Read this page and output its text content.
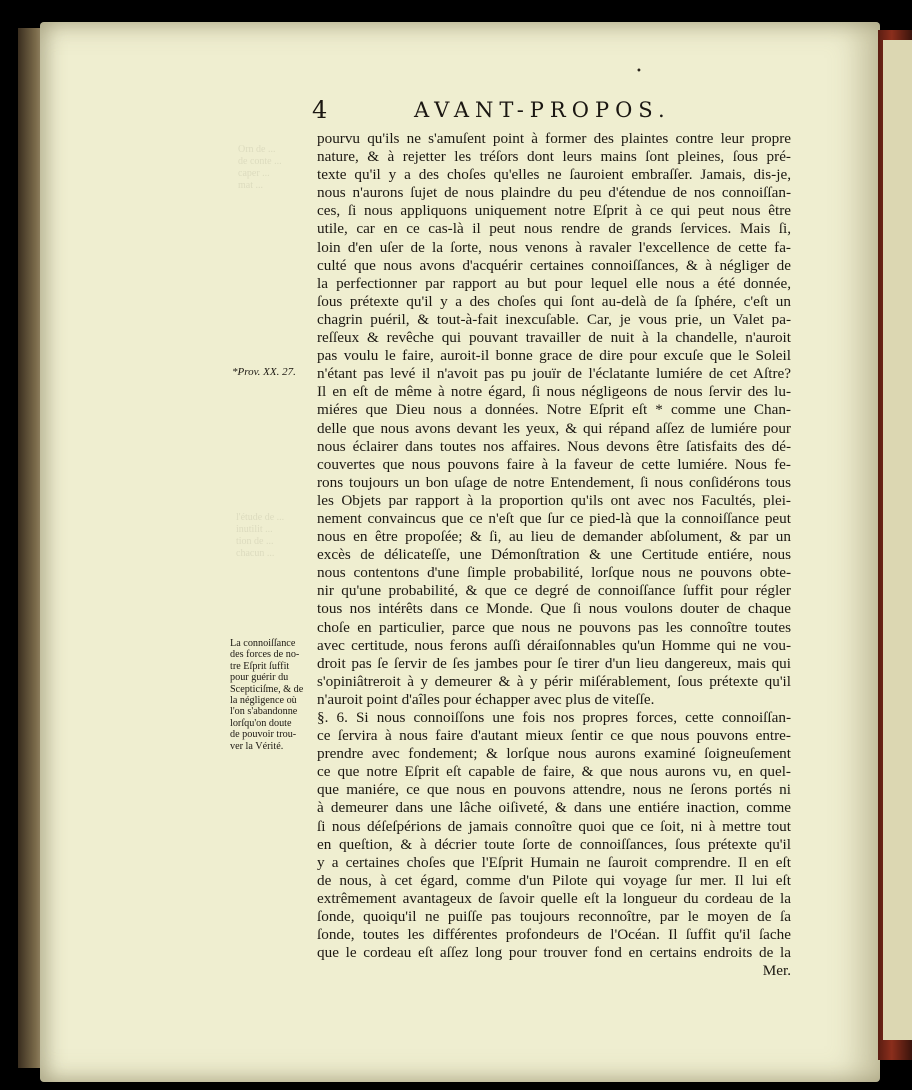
Orn de ...
de conte ...
caper ...
mat ...
l'étude de ...
inutilit ...
tion de ...
chacun ...
•
4	AVANT-PROPOS.
*Prov. XX. 27.
La connoiſſance
des forces de no-
tre Eſprit ſuffit
pour guérir du
Scepticiſme, & de
la négligence où
l'on s'abandonne
lorſqu'on doute
de pouvoir trou-
ver la Vérité.
pourvu qu'ils ne s'amuſent point à former des plaintes contre leur propre
nature, & à rejetter les tréſors dont leurs mains ſont pleines, ſous pré-
texte qu'il y a des choſes qu'elles ne ſauroient embraſſer. Jamais, dis-je,
nous n'aurons ſujet de nous plaindre du peu d'étendue de nos connoiſſan-
ces, ſi nous appliquons uniquement notre Eſprit à ce qui peut nous être
utile, car en ce cas-là il peut nous rendre de grands ſervices. Mais ſi,
loin d'en uſer de la ſorte, nous venons à ravaler l'excellence de cette fa-
culté que nous avons d'acquérir certaines connoiſſances, & à négliger de
la perfectionner par rapport au but pour lequel elle nous a été donnée,
ſous prétexte qu'il y a des choſes qui ſont au-delà de ſa ſphére, c'eſt un
chagrin puéril, & tout-à-fait inexcuſable. Car, je vous prie, un Valet pa-
reſſeux & revêche qui pouvant travailler de nuit à la chandelle, n'auroit
pas voulu le faire, auroit-il bonne grace de dire pour excuſe que le Soleil
n'étant pas levé il n'avoit pas pu jouïr de l'éclatante lumiére de cet Aſtre?
Il en eſt de même à notre égard, ſi nous négligeons de nous ſervir des lu-
miéres que Dieu nous a données. Notre Eſprit eſt * comme une Chan-
delle que nous avons devant les yeux, & qui répand aſſez de lumiére pour
nous éclairer dans toutes nos affaires. Nous devons être ſatisfaits des dé-
couvertes que nous pouvons faire à la faveur de cette lumiére. Nous fe-
rons toujours un bon uſage de notre Entendement, ſi nous conſidérons tous
les Objets par rapport à la proportion qu'ils ont avec nos Facultés, plei-
nement convaincus que ce n'eſt que ſur ce pied-là que la connoiſſance peut
nous en être propoſée; & ſi, au lieu de demander abſolument, & par un
excès de délicateſſe, une Démonſtration & une Certitude entiére, nous
nous contentons d'une ſimple probabilité, lorſque nous ne pouvons obte-
nir qu'une probabilité, & que ce degré de connoiſſance ſuffit pour régler
tous nos intérêts dans ce Monde. Que ſi nous voulons douter de chaque
choſe en particulier, parce que nous ne pouvons pas les connoître toutes
avec certitude, nous ferons auſſi déraiſonnables qu'un Homme qui ne vou-
droit pas ſe ſervir de ſes jambes pour ſe tirer d'un lieu dangereux, mais qui
s'opiniâtreroit à y demeurer & à y périr miſérablement, ſous prétexte qu'il
n'auroit point d'aîles pour échapper avec plus de viteſſe.
§. 6. Si nous connoiſſons une fois nos propres forces, cette connoiſſan-
ce ſervira à nous faire d'autant mieux ſentir ce que nous pouvons entre-
prendre avec fondement; & lorſque nous aurons examiné ſoigneuſement
ce que notre Eſprit eſt capable de faire, & que nous aurons vu, en quel-
que maniére, ce que nous en pouvons attendre, nous ne ſerons portés ni
à demeurer dans une lâche oiſiveté, & dans une entiére inaction, comme
ſi nous déſeſpérions de jamais connoître quoi que ce ſoit, ni à mettre tout
en queſtion, & à décrier toute ſorte de connoiſſances, ſous prétexte qu'il
y a certaines choſes que l'Eſprit Humain ne ſauroit comprendre. Il en eſt
de nous, à cet égard, comme d'un Pilote qui voyage ſur mer. Il lui eſt
extrêmement avantageux de ſavoir quelle eſt la longueur du cordeau de la
ſonde, quoiqu'il ne puiſſe pas toujours reconnoître, par le moyen de ſa
ſonde, toutes les différentes profondeurs de l'Océan. Il ſuffit qu'il ſache
que le cordeau eſt aſſez long pour trouver fond en certains endroits de la
Mer.
